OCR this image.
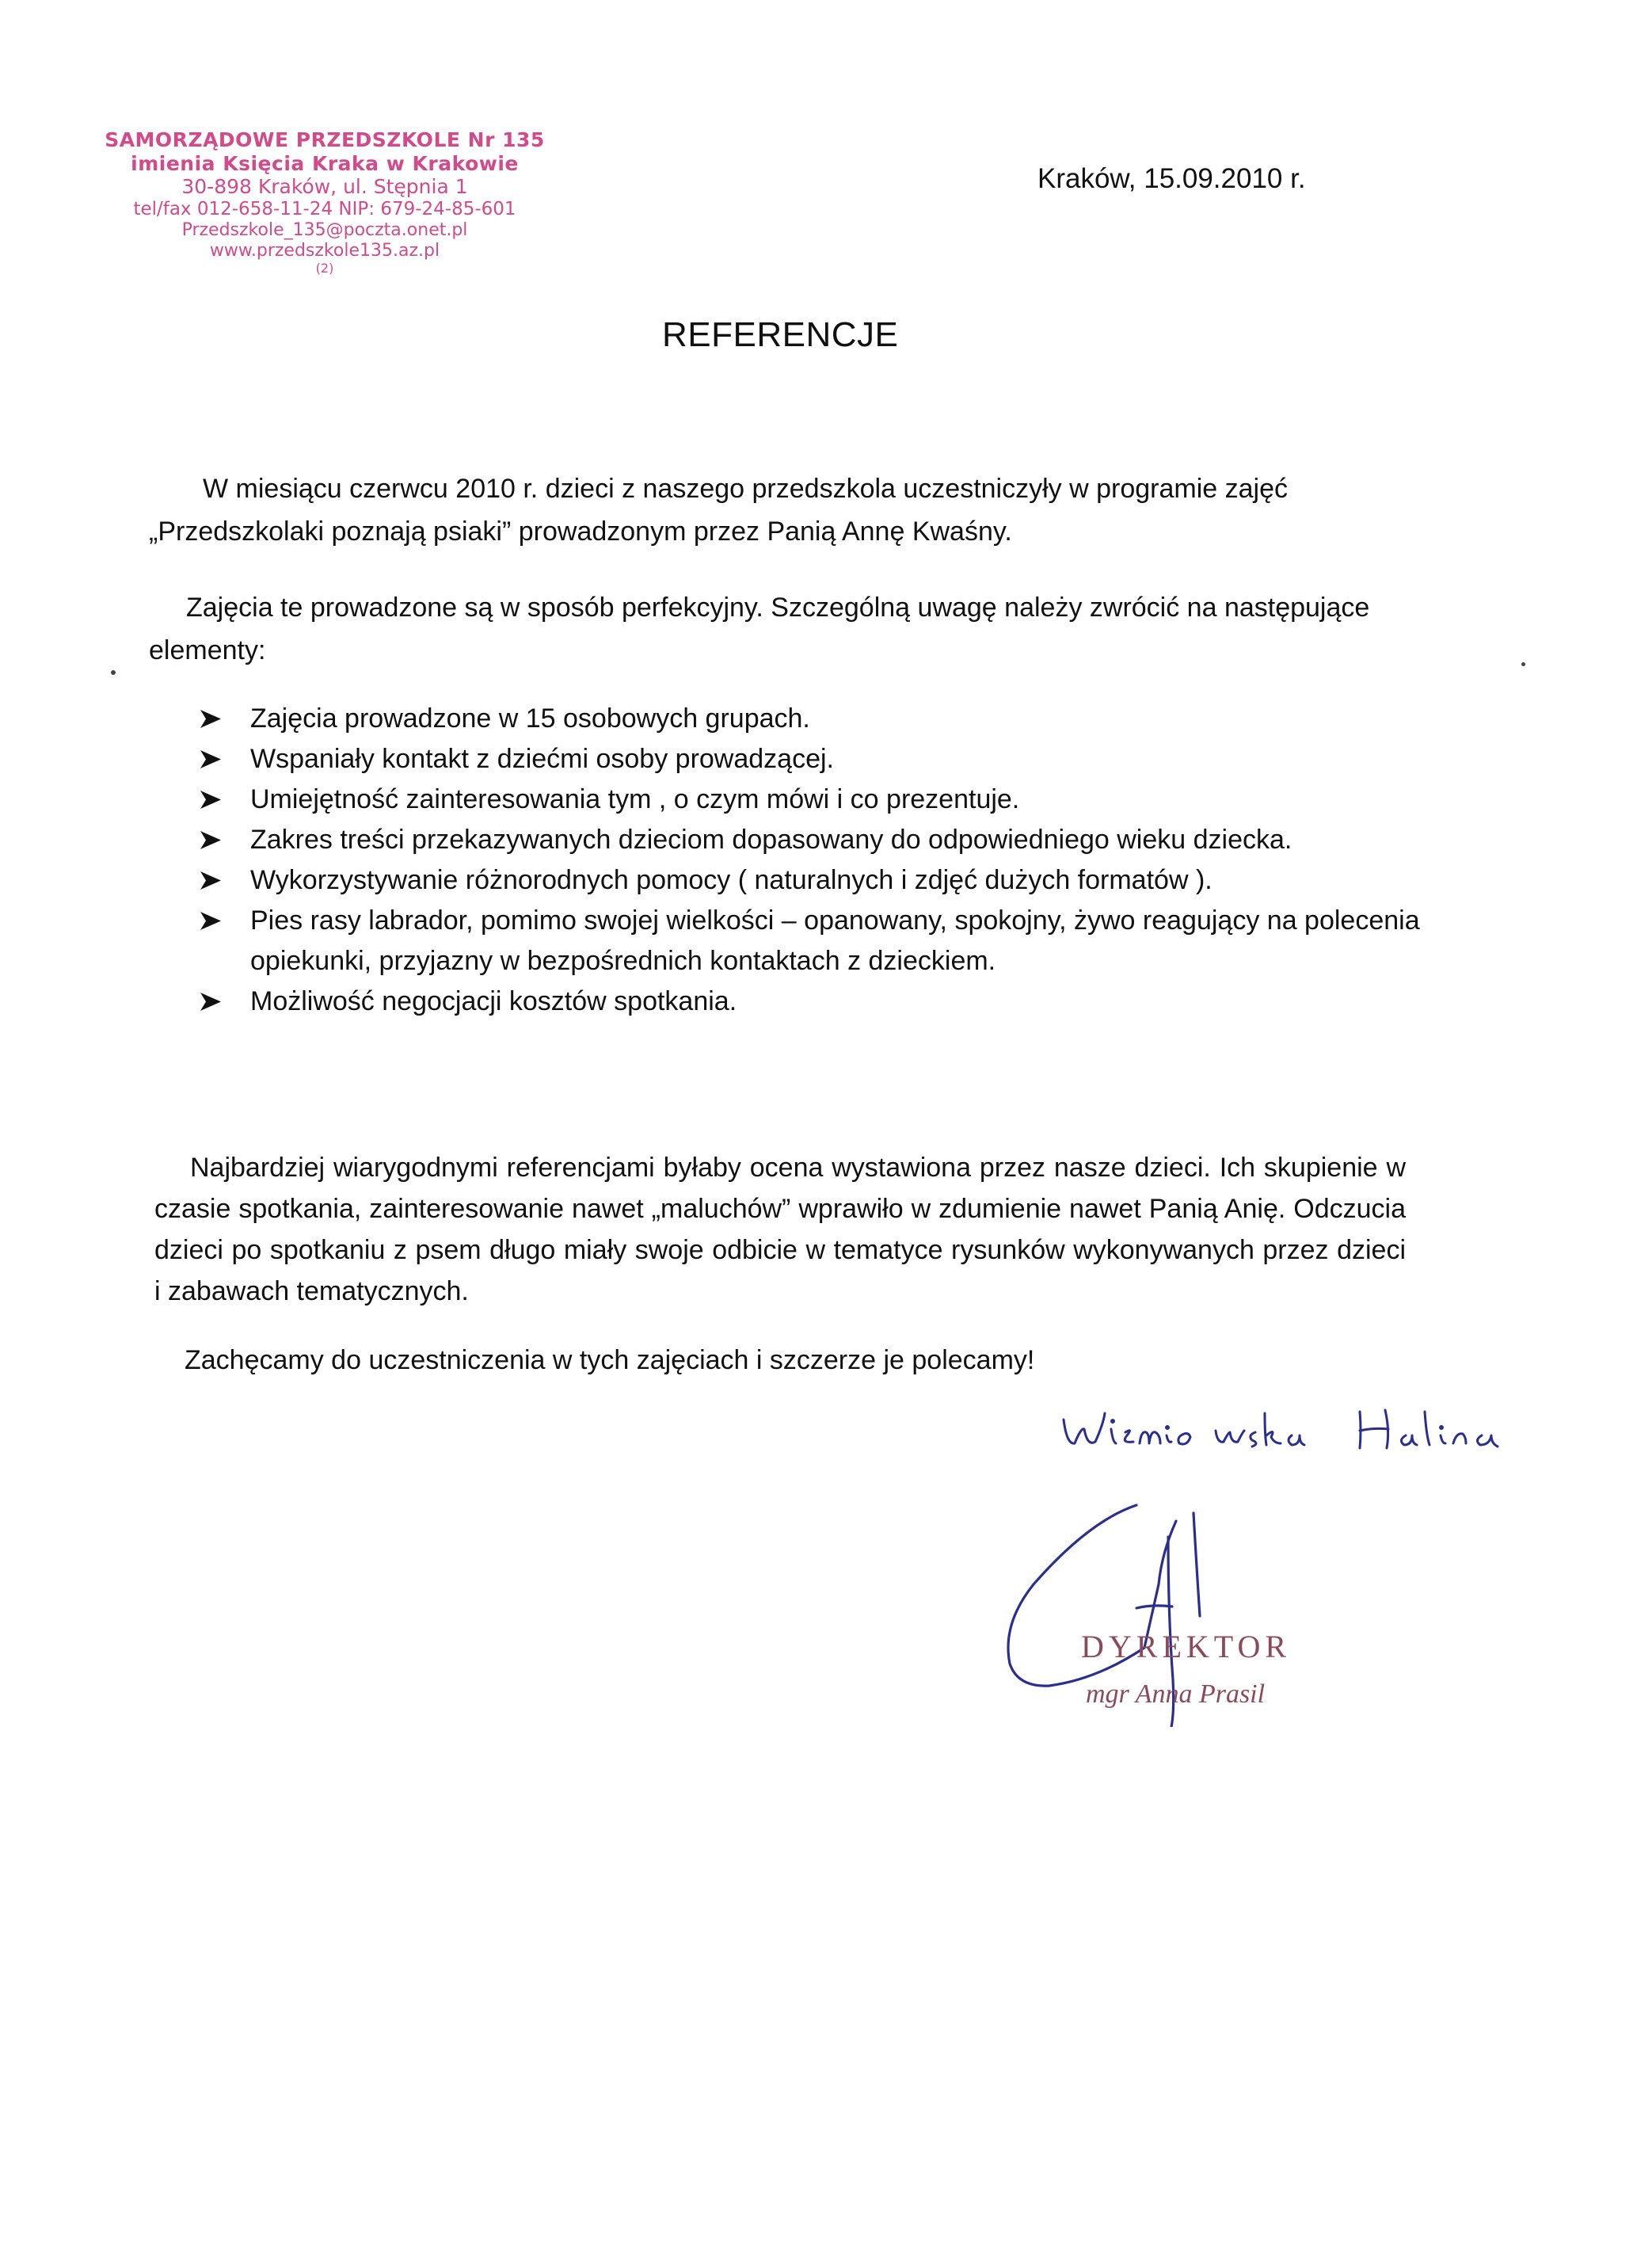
SAMORZĄDOWE PRZEDSZKOLE Nr 135
imienia Księcia Kraka w Krakowie
30-898 Kraków, ul. Stępnia 1
tel/fax 012-658-11-24 NIP: 679-24-85-601
Przedszkole_135@poczta.onet.pl
www.przedszkole135.az.pl
(2)
Kraków, 15.09.2010 r.
REFERENCJE
W miesiącu czerwcu 2010 r. dzieci z naszego przedszkola uczestniczyły w programie zajęć „Przedszkolaki poznają psiaki” prowadzonym przez Panią Annę Kwaśny.
Zajęcia te prowadzone są w sposób perfekcyjny. Szczególną uwagę należy zwrócić na następujące elementy:
Zajęcia prowadzone w 15 osobowych grupach.
Wspaniały kontakt z dziećmi osoby prowadzącej.
Umiejętność zainteresowania tym , o czym mówi i co prezentuje.
Zakres treści przekazywanych dzieciom dopasowany do odpowiedniego wieku dziecka.
Wykorzystywanie różnorodnych pomocy ( naturalnych i zdjęć dużych formatów ).
Pies rasy labrador, pomimo swojej wielkości – opanowany, spokojny, żywo reagujący na polecenia opiekunki, przyjazny w bezpośrednich kontaktach z dzieckiem.
Możliwość negocjacji kosztów spotkania.
Najbardziej wiarygodnymi referencjami byłaby ocena wystawiona przez nasze dzieci. Ich skupienie w czasie spotkania, zainteresowanie nawet „maluchów” wprawiło w zdumienie nawet Panią Anię. Odczucia dzieci po spotkaniu z psem długo miały swoje odbicie w tematyce rysunków wykonywanych przez dzieci i zabawach tematycznych.
Zachęcamy do uczestniczenia w tych zajęciach i szczerze je polecamy!
DYREKTOR
mgr Anna Prasil
